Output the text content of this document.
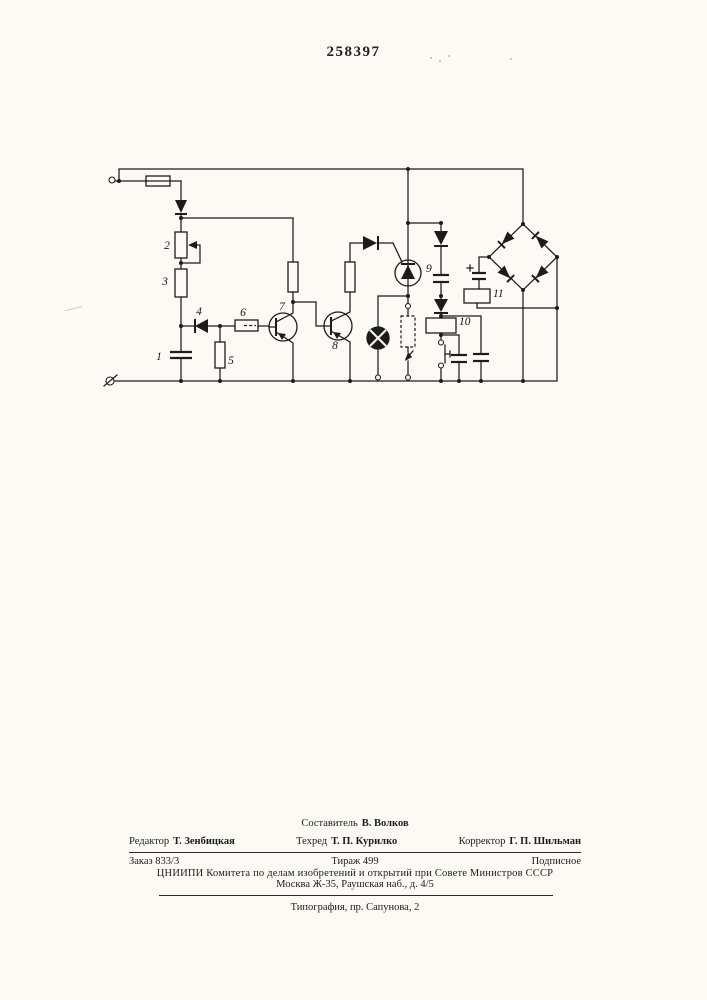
258397
1
2
3
4
5
6	7
8
9
10
11
Составитель В. Волков
Редактор Т. Зенбицкая	Техред Т. П. Курилко	Корректор Г. П. Шильман
Заказ 833/3	Тираж 499	Подписное
ЦНИИПИ Комитета по делам изобретений и открытий при Совете Министров СССР
Москва Ж-35, Раушская наб., д. 4/5
Типография, пр. Сапунова, 2
